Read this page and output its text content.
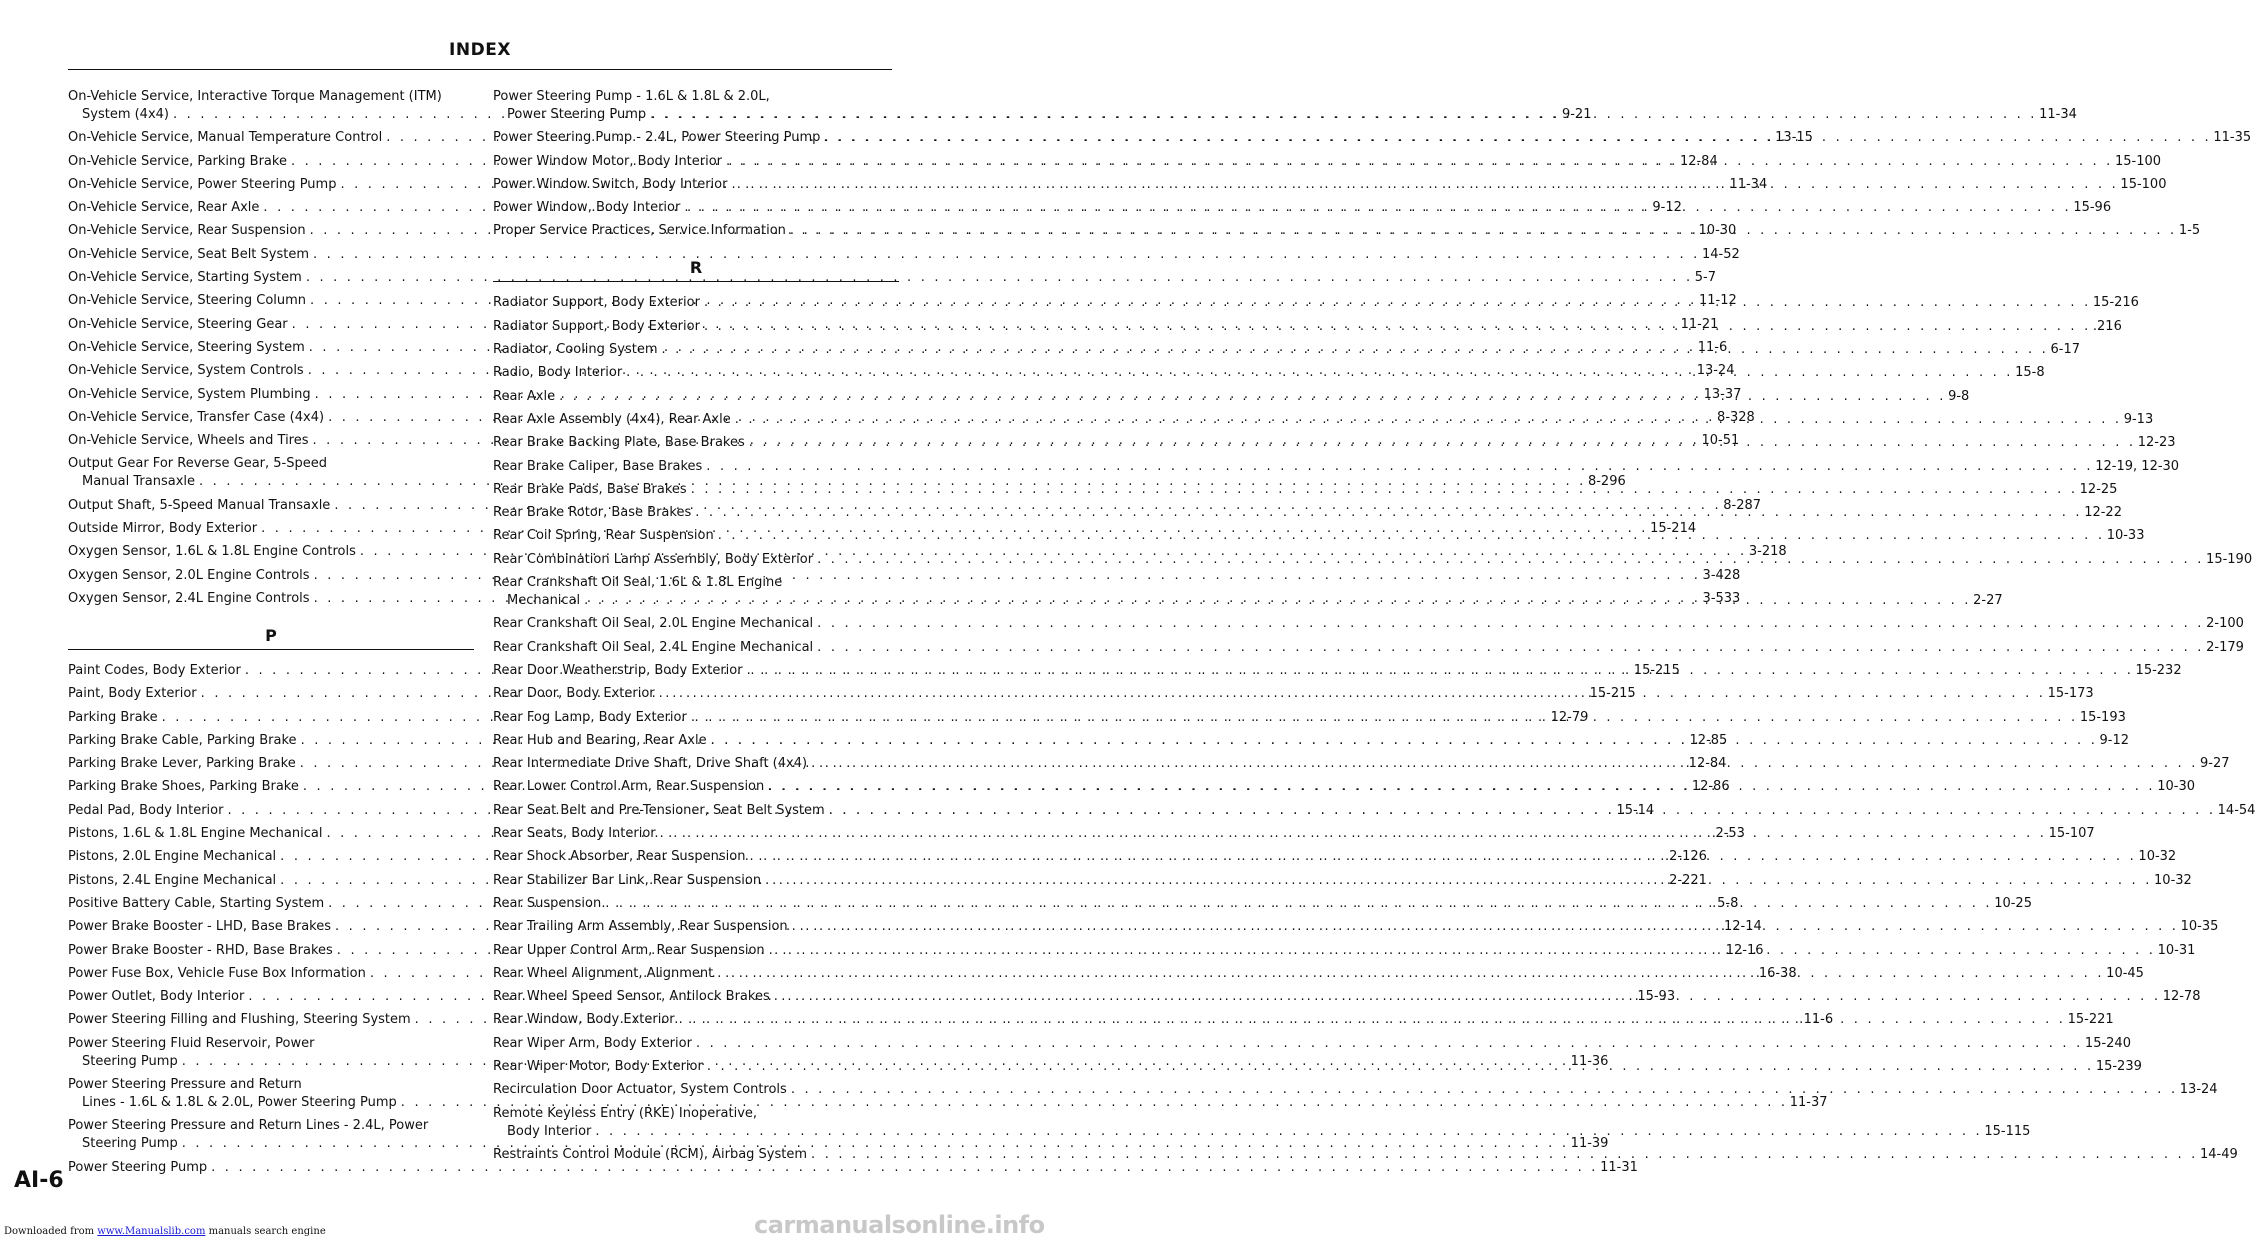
INDEX
On-Vehicle Service, Interactive Torque Management (ITM)
System (4x4) . . .	9-21
On-Vehicle Service, Manual Temperature Control . . .	13-15
On-Vehicle Service, Parking Brake . . .	12-84
On-Vehicle Service, Power Steering Pump . . .	11-34
On-Vehicle Service, Rear Axle . . .	9-12
On-Vehicle Service, Rear Suspension . . .	10-30
On-Vehicle Service, Seat Belt System . . .	14-52
On-Vehicle Service, Starting System . . .	5-7
On-Vehicle Service, Steering Column . . .	11-12
On-Vehicle Service, Steering Gear . . .	11-21
On-Vehicle Service, Steering System . . .	11-6
On-Vehicle Service, System Controls . . .	13-24
On-Vehicle Service, System Plumbing . . .	13-37
On-Vehicle Service, Transfer Case (4x4) . . .	8-328
On-Vehicle Service, Wheels and Tires . . .	10-51
Output Gear For Reverse Gear, 5-Speed
Manual Transaxle . . .	8-296
Output Shaft, 5-Speed Manual Transaxle . . .	8-287
Outside Mirror, Body Exterior . . .	15-214
Oxygen Sensor, 1.6L & 1.8L Engine Controls . . .	3-218
Oxygen Sensor, 2.0L Engine Controls . . .	3-428
Oxygen Sensor, 2.4L Engine Controls . . .	3-533
P
Paint Codes, Body Exterior . . .	15-215
Paint, Body Exterior . . .	15-215
Parking Brake . . .	12-79
Parking Brake Cable, Parking Brake . . .	12-85
Parking Brake Lever, Parking Brake . . .	12-84
Parking Brake Shoes, Parking Brake . . .	12-86
Pedal Pad, Body Interior . . .	15-14
Pistons, 1.6L & 1.8L Engine Mechanical . . .	2-53
Pistons, 2.0L Engine Mechanical . . .	2-126
Pistons, 2.4L Engine Mechanical . . .	2-221
Positive Battery Cable, Starting System . . .	5-8
Power Brake Booster - LHD, Base Brakes . . .	12-14
Power Brake Booster - RHD, Base Brakes . . .	12-16
Power Fuse Box, Vehicle Fuse Box Information . . .	16-38
Power Outlet, Body Interior . . .	15-93
Power Steering Filling and Flushing, Steering System . . .	11-6
Power Steering Fluid Reservoir, Power
Steering Pump . . .	11-36
Power Steering Pressure and Return
Lines - 1.6L & 1.8L & 2.0L, Power Steering Pump . . .	11-37
Power Steering Pressure and Return Lines - 2.4L, Power
Steering Pump . . .	11-39
Power Steering Pump . . .	11-31
Power Steering Pump - 1.6L & 1.8L & 2.0L,
Power Steering Pump . . .	11-34
Power Steering Pump - 2.4L, Power Steering Pump . . .	11-35
Power Window Motor, Body Interior . . .	15-100
Power Window Switch, Body Interior . . .	15-100
Power Window, Body Interior . . .	15-96
Proper Service Practices, Service Information . . .	1-5
R
Radiator Support, Body Exterior . . .	15-216
Radiator Support, Body Exterior . . .	.216
Radiator, Cooling System . . .	6-17
Radio, Body Interior . . .	15-8
Rear Axle . . .	9-8
Rear Axle Assembly (4x4), Rear Axle . . .	9-13
Rear Brake Backing Plate, Base Brakes . . .	12-23
Rear Brake Caliper, Base Brakes . . .	12-19, 12-30
Rear Brake Pads, Base Brakes . . .	12-25
Rear Brake Rotor, Base Brakes . . .	12-22
Rear Coil Spring, Rear Suspension . . .	10-33
Rear Combination Lamp Assembly, Body Exterior . . .	15-190
Rear Crankshaft Oil Seal, 1.6L & 1.8L Engine
Mechanical . . .	2-27
Rear Crankshaft Oil Seal, 2.0L Engine Mechanical . . .	2-100
Rear Crankshaft Oil Seal, 2.4L Engine Mechanical . . .	2-179
Rear Door Weatherstrip, Body Exterior . . .	15-232
Rear Door, Body Exterior . . .	15-173
Rear Fog Lamp, Body Exterior . . .	15-193
Rear Hub and Bearing, Rear Axle . . .	9-12
Rear Intermediate Drive Shaft, Drive Shaft (4x4) . . .	9-27
Rear Lower Control Arm, Rear Suspension . . .	10-30
Rear Seat Belt and Pre-Tensioner, Seat Belt System . . .	14-54
Rear Seats, Body Interior . . .	15-107
Rear Shock Absorber, Rear Suspension . . .	10-32
Rear Stabilizer Bar Link, Rear Suspension . . .	10-32
Rear Suspension . . .	10-25
Rear Trailing Arm Assembly, Rear Suspension . . .	10-35
Rear Upper Control Arm, Rear Suspension . . .	10-31
Rear Wheel Alignment, Alignment . . .	10-45
Rear Wheel Speed Sensor, Antilock Brakes . . .	12-78
Rear Window, Body Exterior . . .	15-221
Rear Wiper Arm, Body Exterior . . .	15-240
Rear Wiper Motor, Body Exterior . . .	15-239
Recirculation Door Actuator, System Controls . . .	13-24
Remote Keyless Entry (RKE) Inoperative,
Body Interior . . .	15-115
Restraints Control Module (RCM), Airbag System . . .	14-49
AI-6
Downloaded from www.Manualslib.com manuals search engine	carmanualsonline.info
